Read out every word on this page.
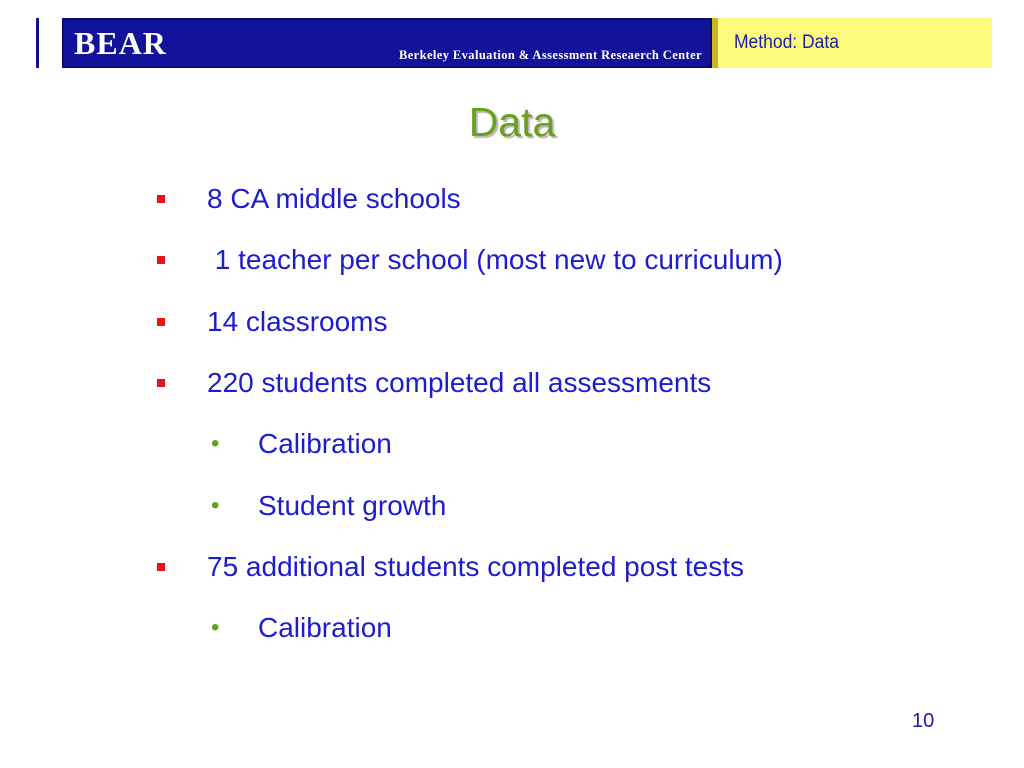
BEAR	Berkeley Evaluation & Assessment Reseaerch Center
Method: Data
Data
8 CA middle schools
1 teacher per school (most new to curriculum)
14 classrooms
220 students completed all assessments
• Calibration
• Student growth
75 additional students completed post tests
• Calibration
10
